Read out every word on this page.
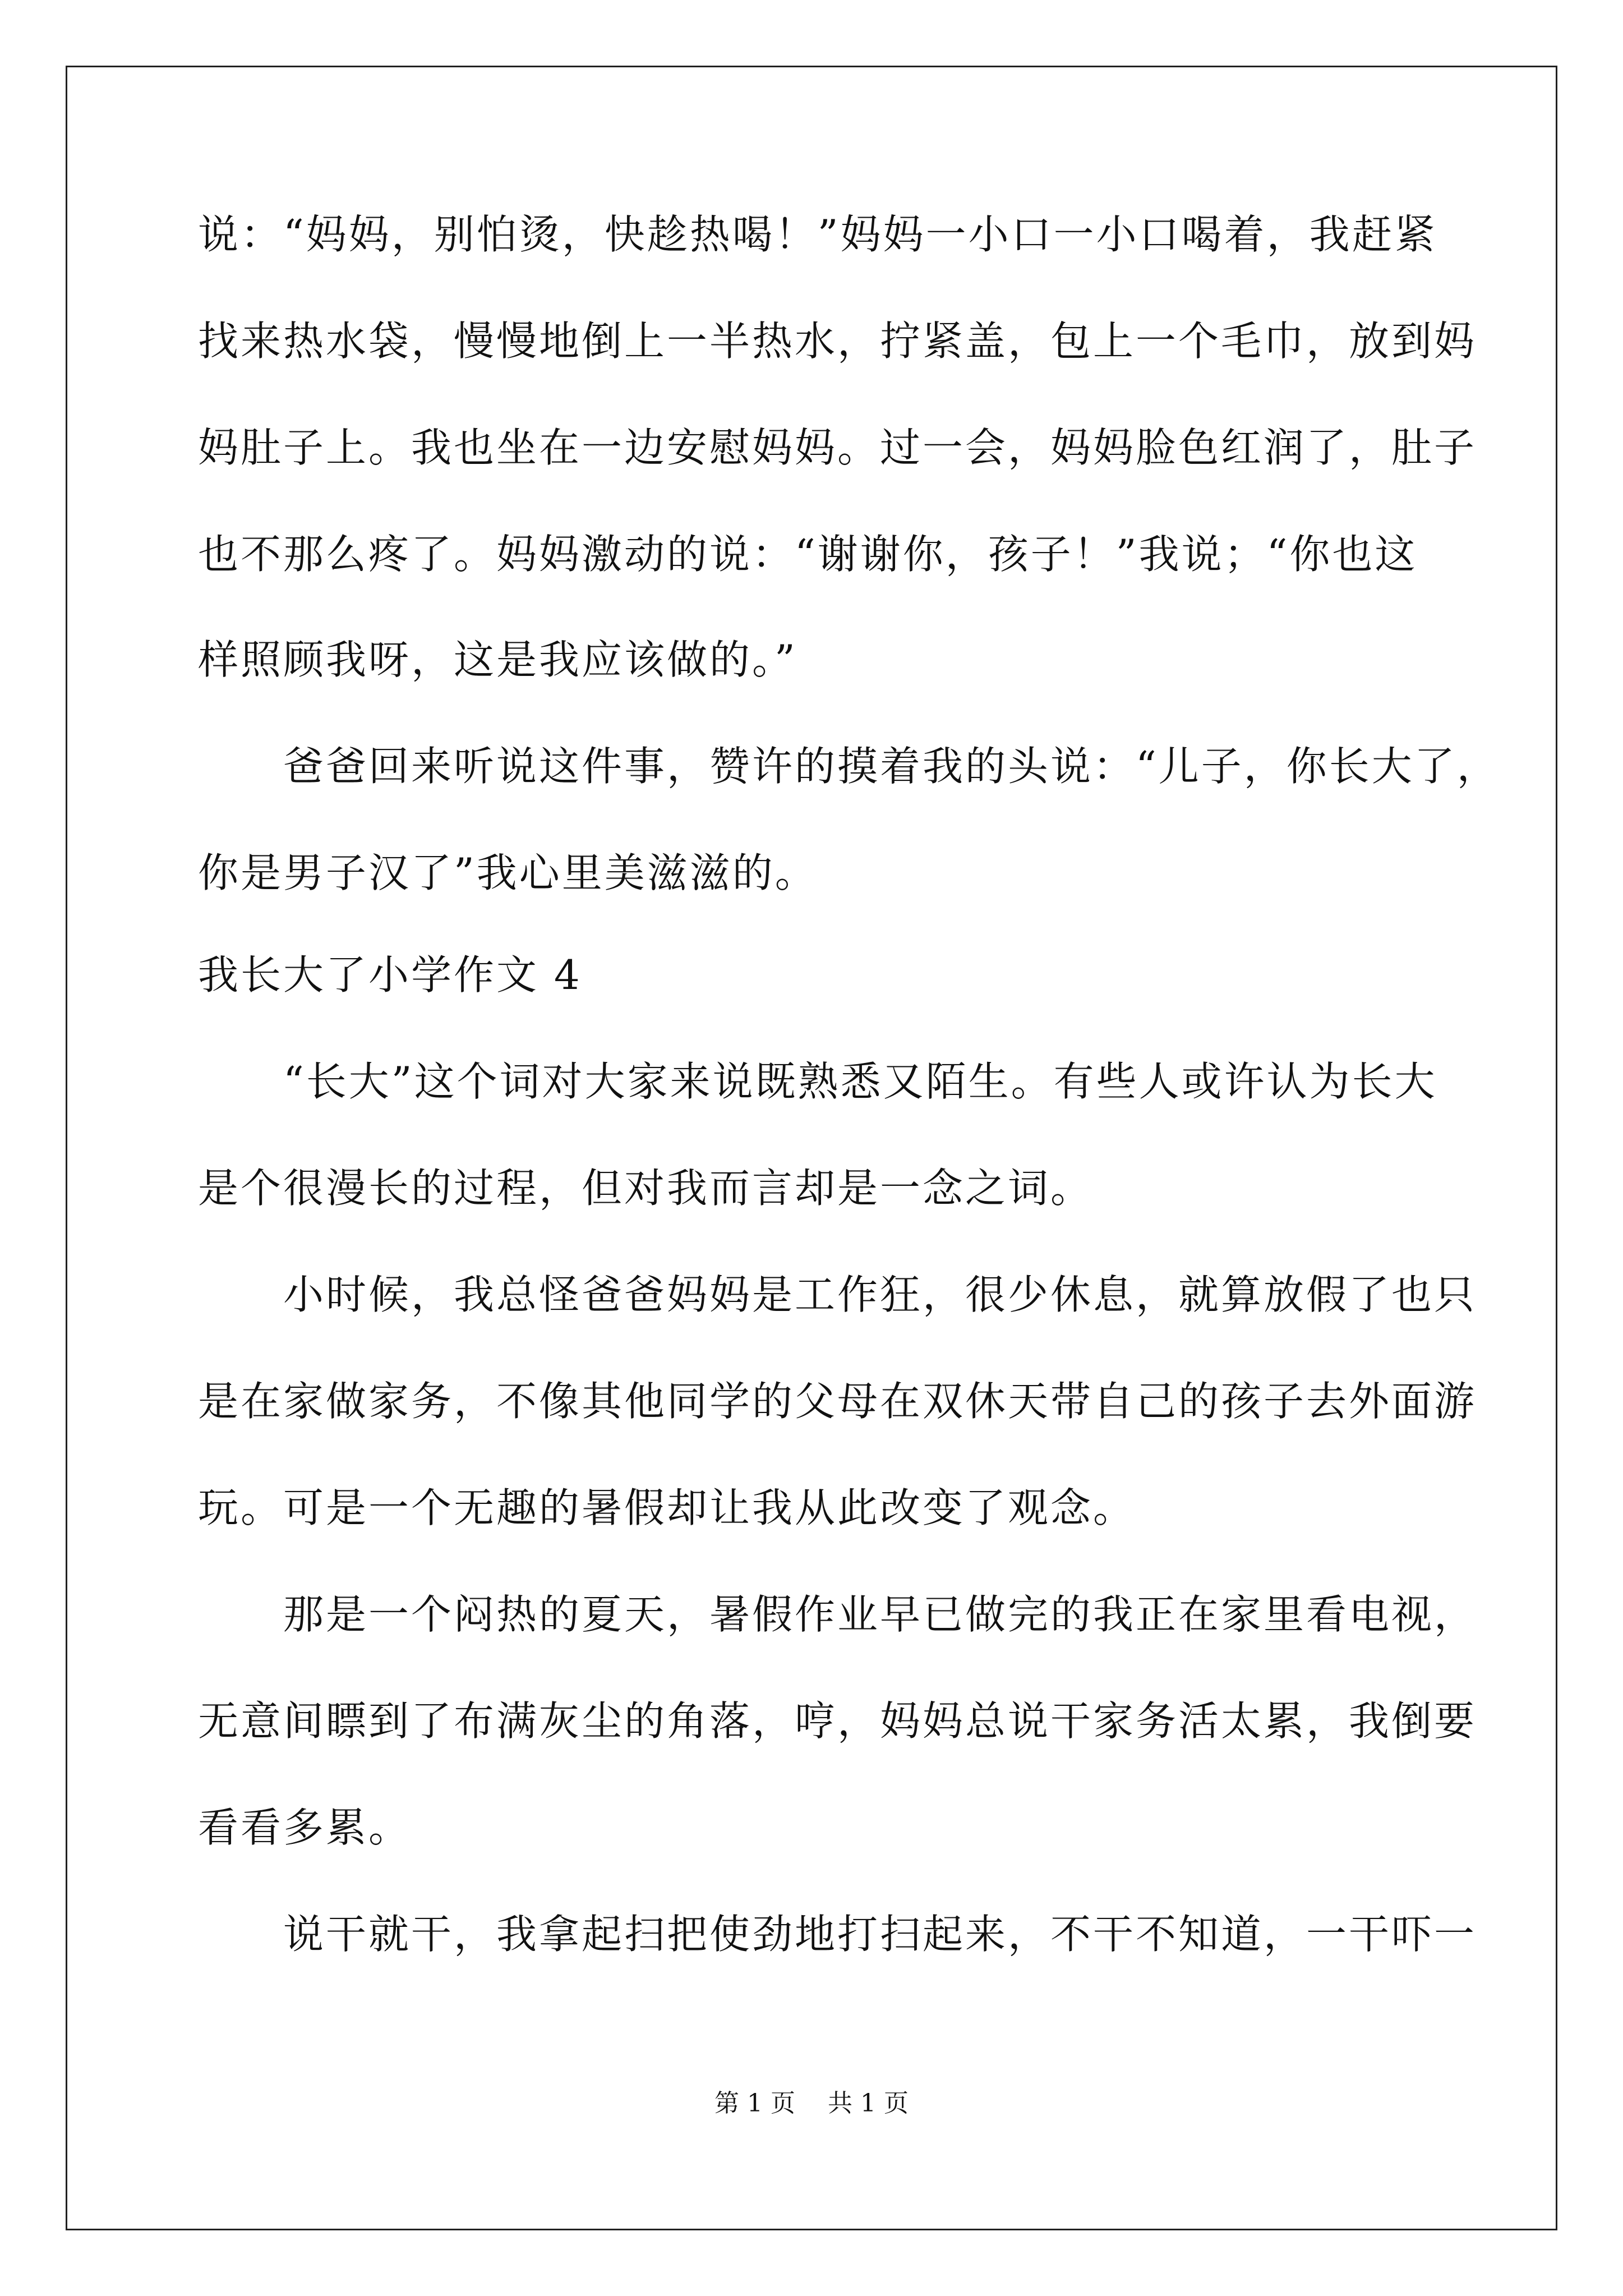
说：“妈妈，别怕烫，快趁热喝！”妈妈一小口一小口喝着，我赶紧
找来热水袋，慢慢地倒上一半热水，拧紧盖，包上一个毛巾，放到妈
妈肚子上。我也坐在一边安慰妈妈。过一会，妈妈脸色红润了，肚子
也不那么疼了。妈妈激动的说：“谢谢你，孩子！”我说；“你也这
样照顾我呀，这是我应该做的。”
　　爸爸回来听说这件事，赞许的摸着我的头说：“儿子，你长大了，
你是男子汉了”我心里美滋滋的。
我长大了小学作文 4
　　“长大”这个词对大家来说既熟悉又陌生。有些人或许认为长大
是个很漫长的过程，但对我而言却是一念之词。
　　小时候，我总怪爸爸妈妈是工作狂，很少休息，就算放假了也只
是在家做家务，不像其他同学的父母在双休天带自己的孩子去外面游
玩。可是一个无趣的暑假却让我从此改变了观念。
　　那是一个闷热的夏天，暑假作业早已做完的我正在家里看电视，
无意间瞟到了布满灰尘的角落，哼，妈妈总说干家务活太累，我倒要
看看多累。
　　说干就干，我拿起扫把使劲地打扫起来，不干不知道，一干吓一
第 1 页 共 1 页
